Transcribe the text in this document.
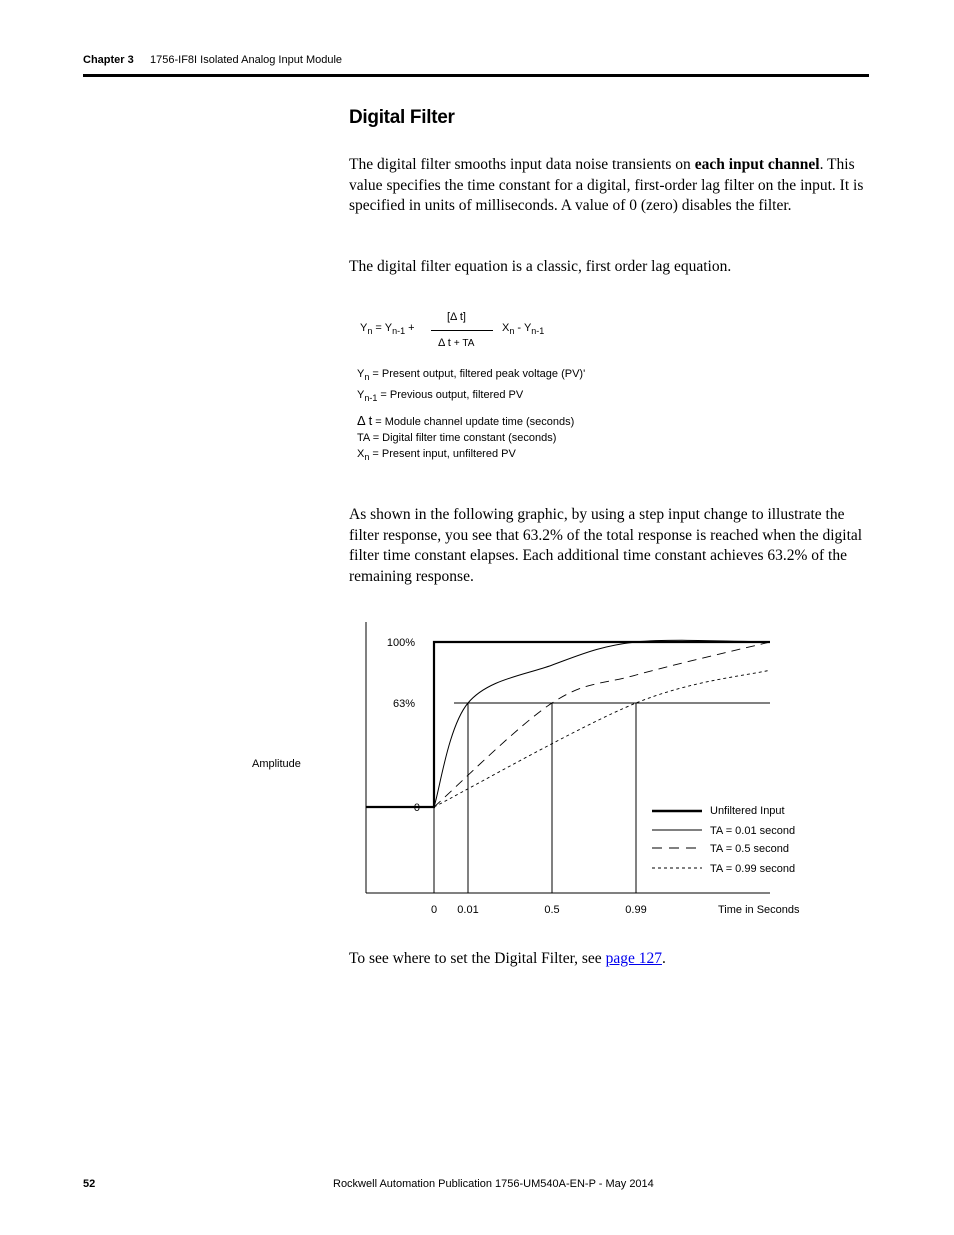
Chapter 3 1756-IF8I Isolated Analog Input Module
Digital Filter
The digital filter smooths input data noise transients on each input channel. This value specifies the time constant for a digital, first-order lag filter on the input. It is specified in units of milliseconds. A value of 0 (zero) disables the filter.
The digital filter equation is a classic, first order lag equation.
$Y_n = Y_{n-1}$ +
[Δ t]
Δ t + TA
$X_n - Y_{n-1}$
$Y_n$ = Present output, filtered peak voltage (PV)'
$Y_{n-1}$ = Previous output, filtered PV
Δ t = Module channel update time (seconds)
TA = Digital filter time constant (seconds)
$X_n$ = Present input, unfiltered PV
As shown in the following graphic, by using a step input change to illustrate the filter response, you see that 63.2% of the total response is reached when the digital filter time constant elapses. Each additional time constant achieves 63.2% of the remaining response.
0 0.01	0.5	0.99
0
63%
100%
Amplitude
Time in Seconds
Unfiltered Input
TA = 0.01 second
TA = 0.5 second
TA = 0.99 second
To see where to set the Digital Filter, see page 127.
52	Rockwell Automation Publication 1756-UM540A-EN-P - May 2014
